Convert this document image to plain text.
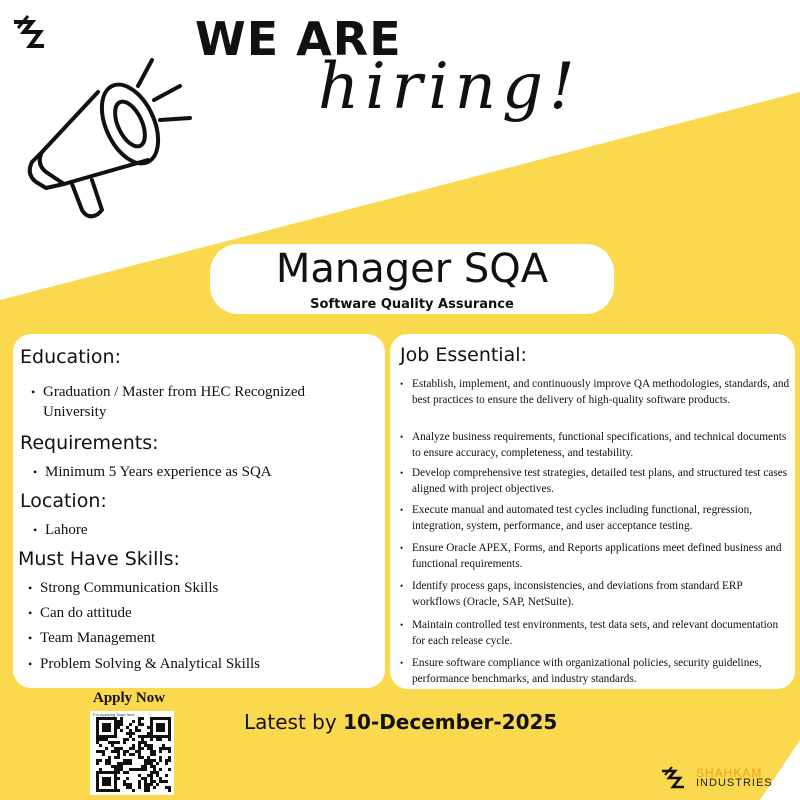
WE ARE
hiring!
Manager SQA
Software Quality Assurance
Education:
• Graduation / Master from HEC Recognized University
Requirements:
• Minimum 5 Years experience as SQA
Location:
• Lahore
Must Have Skills:
• Strong Communication Skills
• Can do attitude
• Team Management
• Problem Solving & Analytical Skills
Job Essential:
• Establish, implement, and continuously improve QA methodologies, standards, and best practices to ensure the delivery of high-quality software products.
• Analyze business requirements, functional specifications, and technical documents to ensure accuracy, completeness, and testability.
• Develop comprehensive test strategies, detailed test plans, and structured test cases aligned with project objectives.
• Execute manual and automated test cycles including functional, regression, integration, system, performance, and user acceptance testing.
• Ensure Oracle APEX, Forms, and Reports applications meet defined business and functional requirements.
• Identify process gaps, inconsistencies, and deviations from standard ERP workflows (Oracle, SAP, NetSuite).
• Maintain controlled test environments, test data sets, and relevant documentation for each release cycle.
• Ensure software compliance with organizational policies, security guidelines, performance benchmarks, and industry standards.
Apply Now
For Applying Scan here	Latest by 10-December-2025
SHAHKAM
INDUSTRIES
